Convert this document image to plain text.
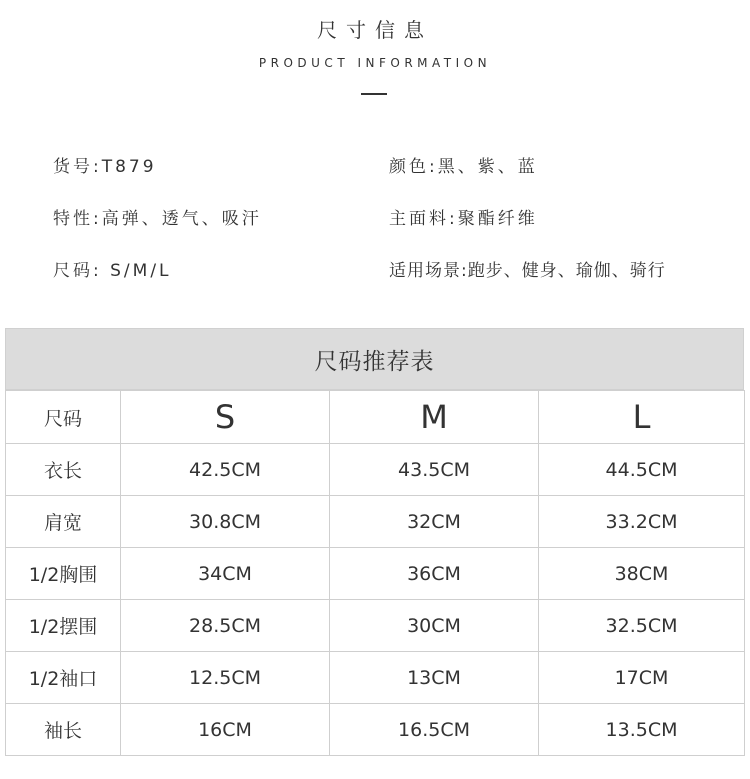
尺寸信息
PRODUCT INFORMATION
货号:T879	颜色:黑、紫、蓝
特性:高弹、透气、吸汗	主面料:聚酯纤维
尺码: S/M/L	适用场景:跑步、健身、瑜伽、骑行
尺码推荐表
尺码	S	M	L
衣长	42.5CM	43.5CM	44.5CM
肩宽	30.8CM	32CM	33.2CM
1/2胸围	34CM	36CM	38CM
1/2摆围	28.5CM	30CM	32.5CM
1/2袖口	12.5CM	13CM	17CM
袖长	16CM	16.5CM	13.5CM
